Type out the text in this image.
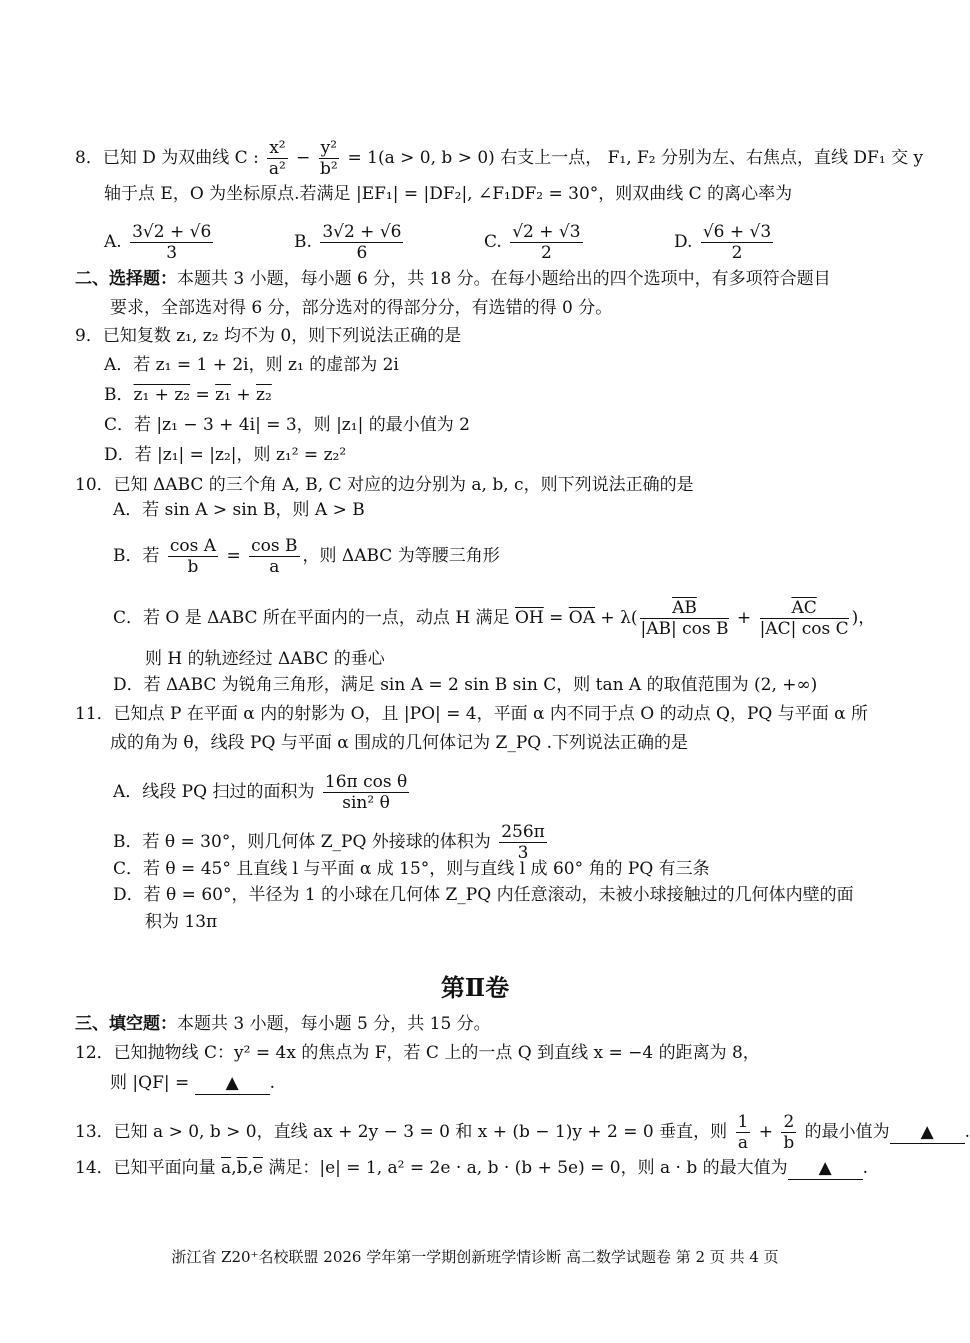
8．已知 D 为双曲线 C : $\frac{\text{x²}}{\text{a²}} - \frac{\text{y²}}{\text{b²}} = 1(a > 0$, b > 0) 右支上一点， F₁, F₂ 分别为左、右焦点，直线 DF₁ 交 y
轴于点 E，O 为坐标原点.若满足 |EF₁| = |DF₂|, ∠F₁DF₂ = 30°，则双曲线 C 的离心率为
A. $\frac{3√2 + √6}{3}$	B. $\frac{3√2 + √6}{6}$	C. $\frac{√2 + √3}{2}$	D. $\frac{√6 + √3}{2}$
二、选择题：本题共 3 小题，每小题 6 分，共 18 分。在每小题给出的四个选项中，有多项符合题目
要求，全部选对得 6 分，部分选对的得部分分，有选错的得 0 分。
9．已知复数 z₁, z₂ 均不为 0，则下列说法正确的是
A．若 z₁ = 1 + 2i，则 z₁ 的虚部为 2i
B．z₁ + z₂ = z₁ + z₂
C．若 |z₁ − 3 + 4i| = 3，则 |z₁| 的最小值为 2
D．若 |z₁| = |z₂|，则 z₁² = z₂²
10．已知 ΔABC 的三个角 A, B, C 对应的边分别为 a, b, c，则下列说法正确的是
A．若 sin A > sin B，则 A > B
B．若 $\frac{\text{cos A}}{b} = \frac{\text{cos B}}{a}$ ，则 ΔABC 为等腰三角形
C．若 O 是 ΔABC 所在平面内的一点，动点 H 满足 $\overline{OH} = \overline{OA} + \lambda( \frac{\overline{AB}}{\text{|AB| cos B}} + \frac{\overline{AC}}{\text{|AC| cos C}}$ )，
则 H 的轨迹经过 ΔABC 的垂心
D．若 ΔABC 为锐角三角形，满足 sin A = 2 sin B sin C，则 tan A 的取值范围为 (2, +∞)
11．已知点 P 在平面 α 内的射影为 O，且 |PO| = 4，平面 α 内不同于点 O 的动点 Q，PQ 与平面 α 所
成的角为 θ，线段 PQ 与平面 α 围成的几何体记为 Z_PQ .下列说法正确的是
A．线段 PQ 扫过的面积为 $\frac{\text{16π cos θ}}{\text{sin² θ}}$
B．若 θ = 30°，则几何体 Z_PQ 外接球的体积为 $\frac{256\pi}{3}$
C．若 θ = 45° 且直线 l 与平面 α 成 15°，则与直线 l 成 60° 角的 PQ 有三条
D．若 θ = 60°，半径为 1 的小球在几何体 Z_PQ 内任意滚动，未被小球接触过的几何体内壁的面
积为 13π
第Ⅱ卷
三、填空题：本题共 3 小题，每小题 5 分，共 15 分。
12．已知抛物线 C：y² = 4x 的焦点为 F，若 C 上的一点 Q 到直线 x = −4 的距离为 8，
则 |QF| = ▲ .
13．已知 a > 0, b > 0，直线 ax + 2y − 3 = 0 和 x + (b − 1)y + 2 = 0 垂直，则 $\frac{1}{a} + \frac{2}{b}$ 的最小值为 ▲ .
14．已知平面向量 $\overline{a},\overline{b},\overline{e}$ 满足：|e| = 1, a² = 2e · a, b · (b + 5e) = 0，则 a · b 的最大值为 ▲ .
浙江省 Z20⁺名校联盟 2026 学年第一学期创新班学情诊断 高二数学试题卷 第 2 页 共 4 页
